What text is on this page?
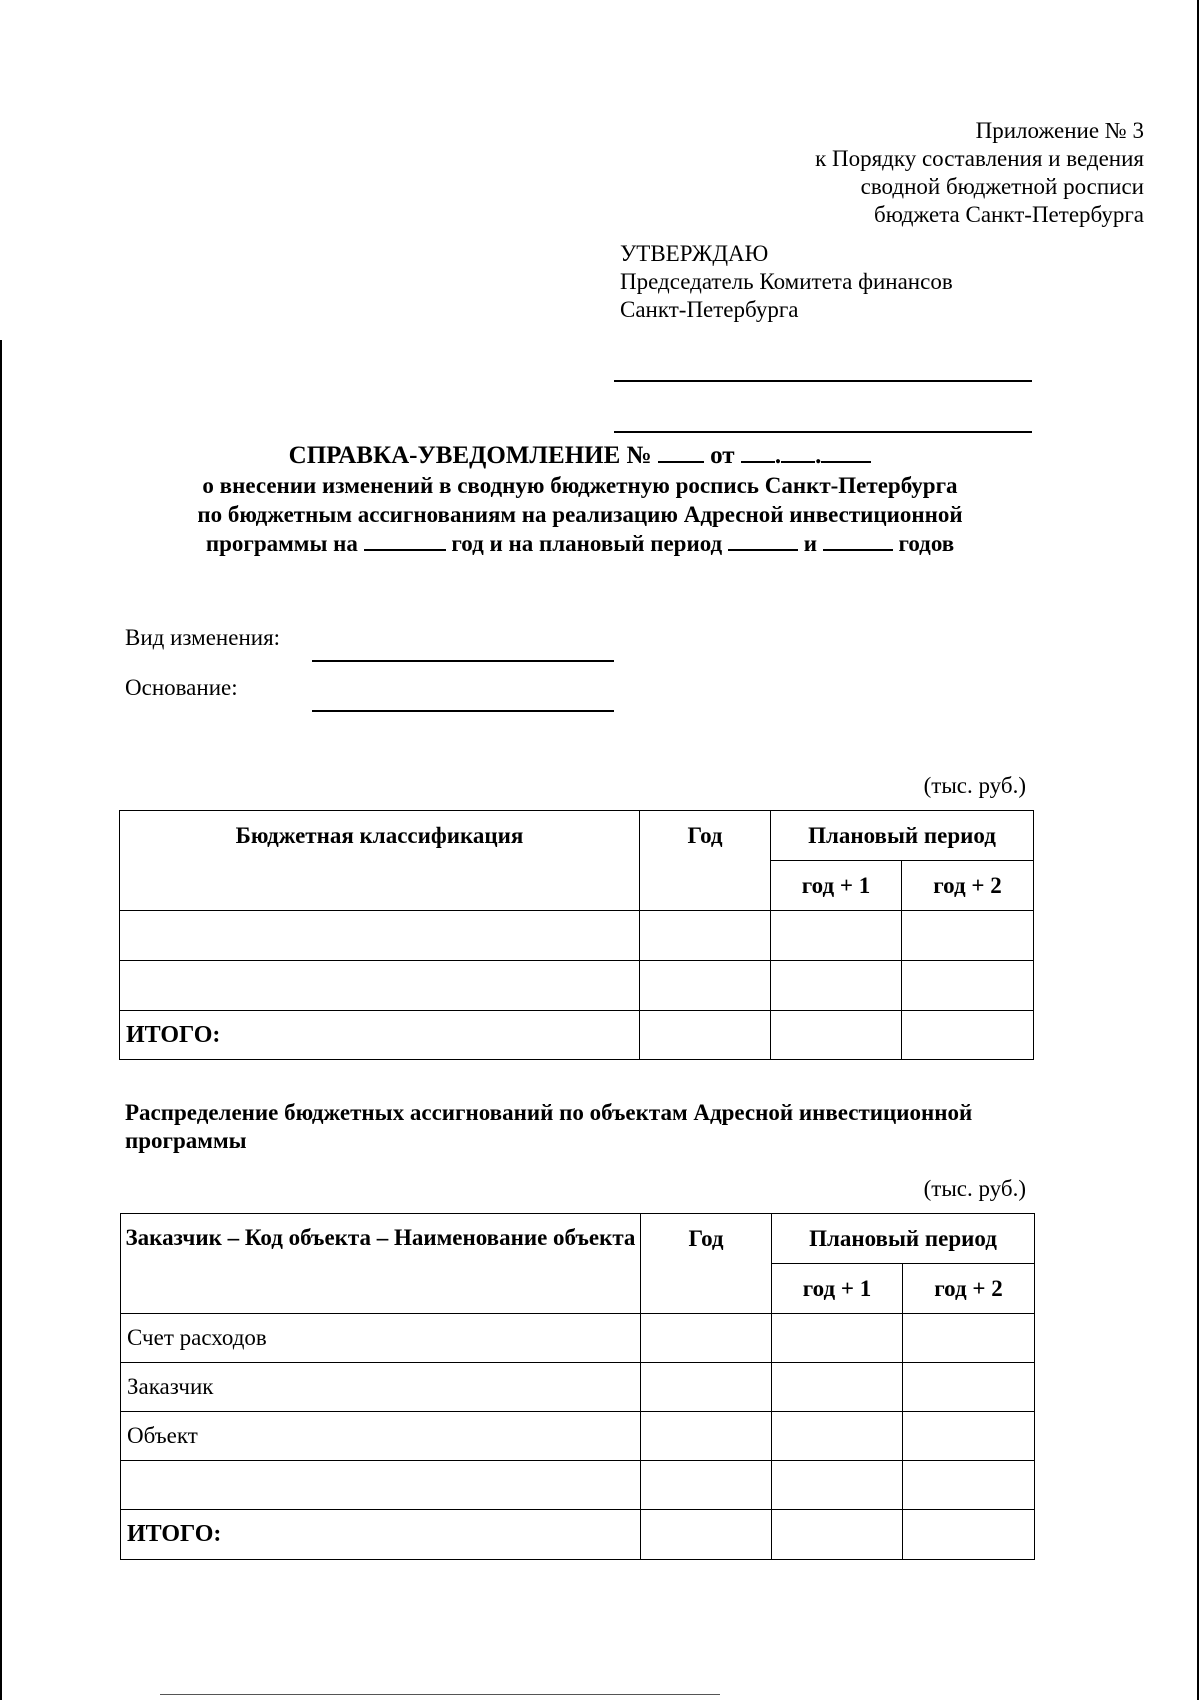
Приложение № 3
к Порядку составления и ведения
сводной бюджетной росписи
бюджета Санкт-Петербурга
УТВЕРЖДАЮ
Председатель Комитета финансов
Санкт-Петербурга
СПРАВКА-УВЕДОМЛЕНИЕ № от . .
о внесении изменений в сводную бюджетную роспись Санкт-Петербурга
по бюджетным ассигнованиям на реализацию Адресной инвестиционной
программы на	год и на плановый период	и	годов
Вид изменения:
Основание:
(тыс. руб.)
Бюджетная классификация	Год	Плановый период	
		год + 1	год + 2

ИТОГО:			
Распределение бюджетных ассигнований по объектам Адресной инвестиционной программы
(тыс. руб.)
Заказчик – Код объекта – Наименование объекта	Год	Плановый период	
		год + 1	год + 2
Счет расходов			
Заказчик			
Объект			

ИТОГО:			
